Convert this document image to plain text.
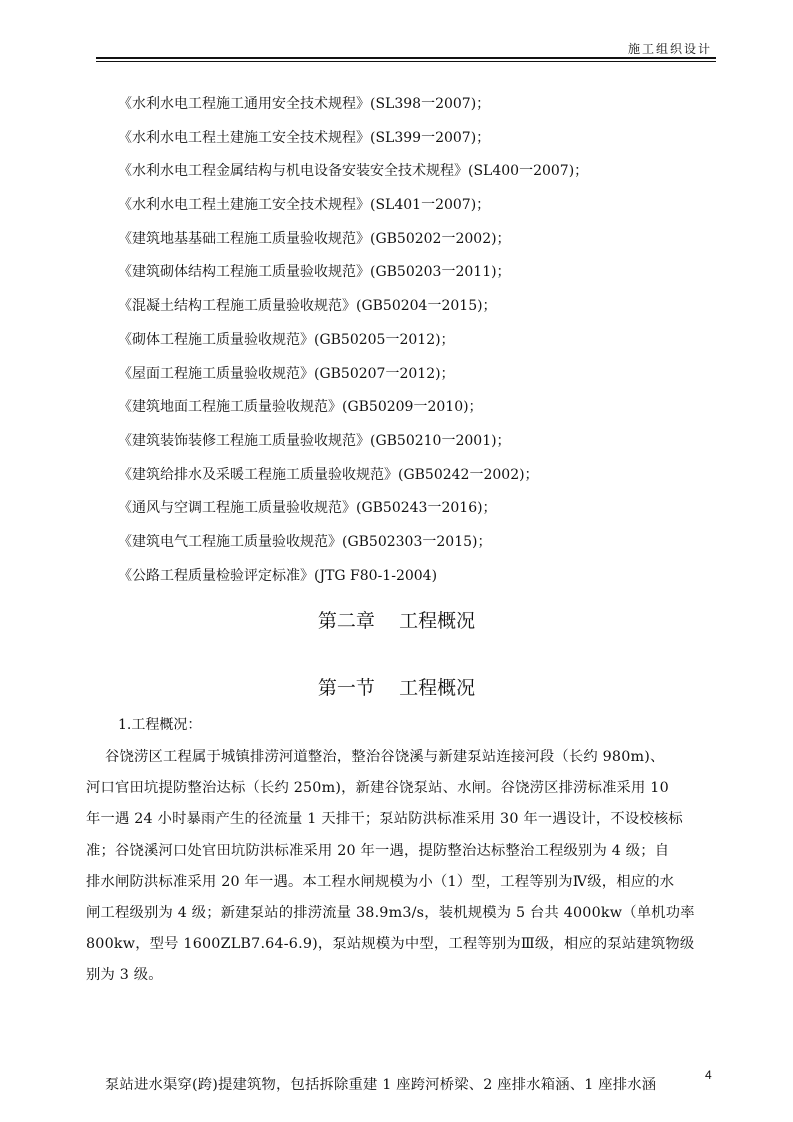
施工组织设计
《水利水电工程施工通用安全技术规程》(SL398一2007)；
《水利水电工程土建施工安全技术规程》(SL399一2007)；
《水利水电工程金属结构与机电设备安装安全技术规程》(SL400一2007)；
《水利水电工程土建施工安全技术规程》(SL401一2007)；
《建筑地基基础工程施工质量验收规范》(GB50202一2002)；
《建筑砌体结构工程施工质量验收规范》(GB50203一2011)；
《混凝土结构工程施工质量验收规范》(GB50204一2015)；
《砌体工程施工质量验收规范》(GB50205一2012)；
《屋面工程施工质量验收规范》(GB50207一2012)；
《建筑地面工程施工质量验收规范》(GB50209一2010)；
《建筑装饰装修工程施工质量验收规范》(GB50210一2001)；
《建筑给排水及采暖工程施工质量验收规范》(GB50242一2002)；
《通风与空调工程施工质量验收规范》(GB50243一2016)；
《建筑电气工程施工质量验收规范》(GB502303一2015)；
《公路工程质量检验评定标准》(JTG F80-1-2004)
第二章    工程概况
第一节    工程概况
1.工程概况：
谷饶涝区工程属于城镇排涝河道整治，整治谷饶溪与新建泵站连接河段（长约 980m)、
河口官田坑提防整治达标（长约 250m)，新建谷饶泵站、水闸。谷饶涝区排涝标准采用 10
年一遇 24 小时暴雨产生的径流量 1 天排干；泵站防洪标准采用 30 年一遇设计，不设校核标
准；谷饶溪河口处官田坑防洪标准采用 20 年一遇，提防整治达标整治工程级别为 4 级；自
排水闸防洪标准采用 20 年一遇。本工程水闸规模为小（1）型，工程等别为Ⅳ级，相应的水
闸工程级别为 4 级；新建泵站的排涝流量 38.9m3/s，装机规模为 5 台共 4000kw（单机功率
800kw，型号 1600ZLB7.64-6.9)，泵站规模为中型，工程等别为Ⅲ级，相应的泵站建筑物级
别为 3 级。
泵站进水渠穿(跨)提建筑物，包括拆除重建 1 座跨河桥梁、2 座排水箱涵、1 座排水涵
4
